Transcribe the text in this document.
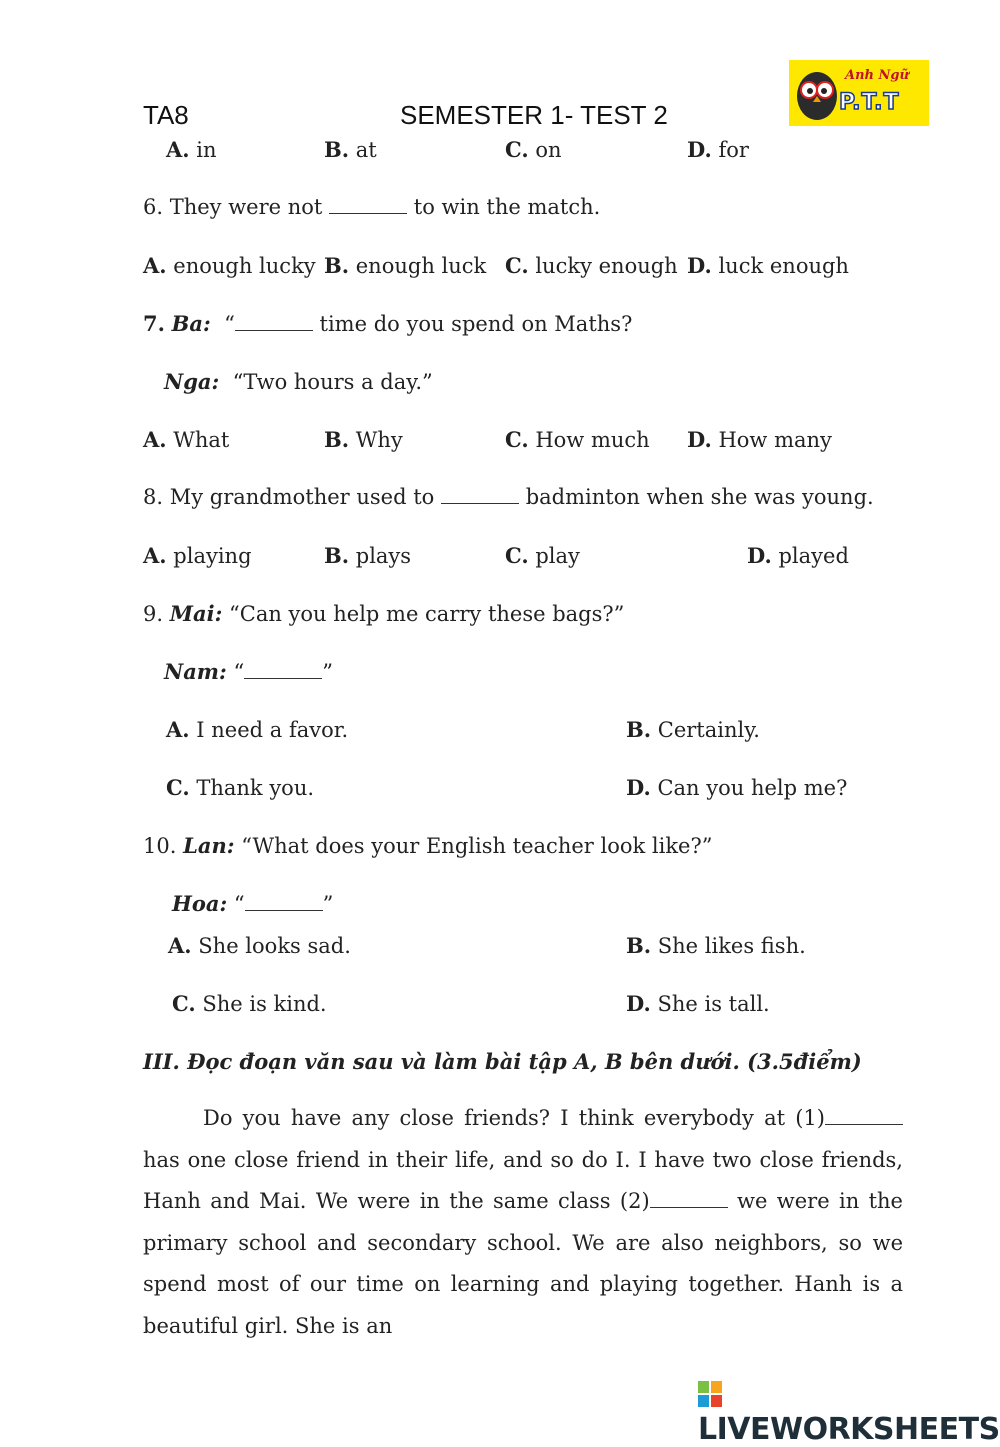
TA8	SEMESTER 1- TEST 2
Anh Ngữ
P.T.T
A. in	B. at	C. on	D. for
6. They were not	to win the match.
A. enough lucky B. enough luck C. lucky enough D. luck enough
7. Ba: “	time do you spend on Maths?
Nga: “Two hours a day.”
A. What	B. Why	C. How much D. How many
8. My grandmother used to	badminton when she was young.
A. playing	B. plays	C. play	D. played
9. Mai: “Can you help me carry these bags?”
Nam: “	”
A. I need a favor.	B. Certainly.
C. Thank you.	D. Can you help me?
10. Lan: “What does your English teacher look like?”
Hoa: “	”
A. She looks sad.	B. She likes fish.
C. She is kind.	D. She is tall.
III. Đọc đoạn văn sau và làm bài tập A, B bên dưới. (3.5điểm)
Do you have any close friends? I think everybody at (1) has one close friend in their life, and so do I. I have two close friends, Hanh and Mai. We were in the same class (2)	we were in the primary school and secondary school. We are also neighbors, so we spend most of our time on learning and playing together. Hanh is a beautiful girl. She is an
LIVEWORKSHEETS
